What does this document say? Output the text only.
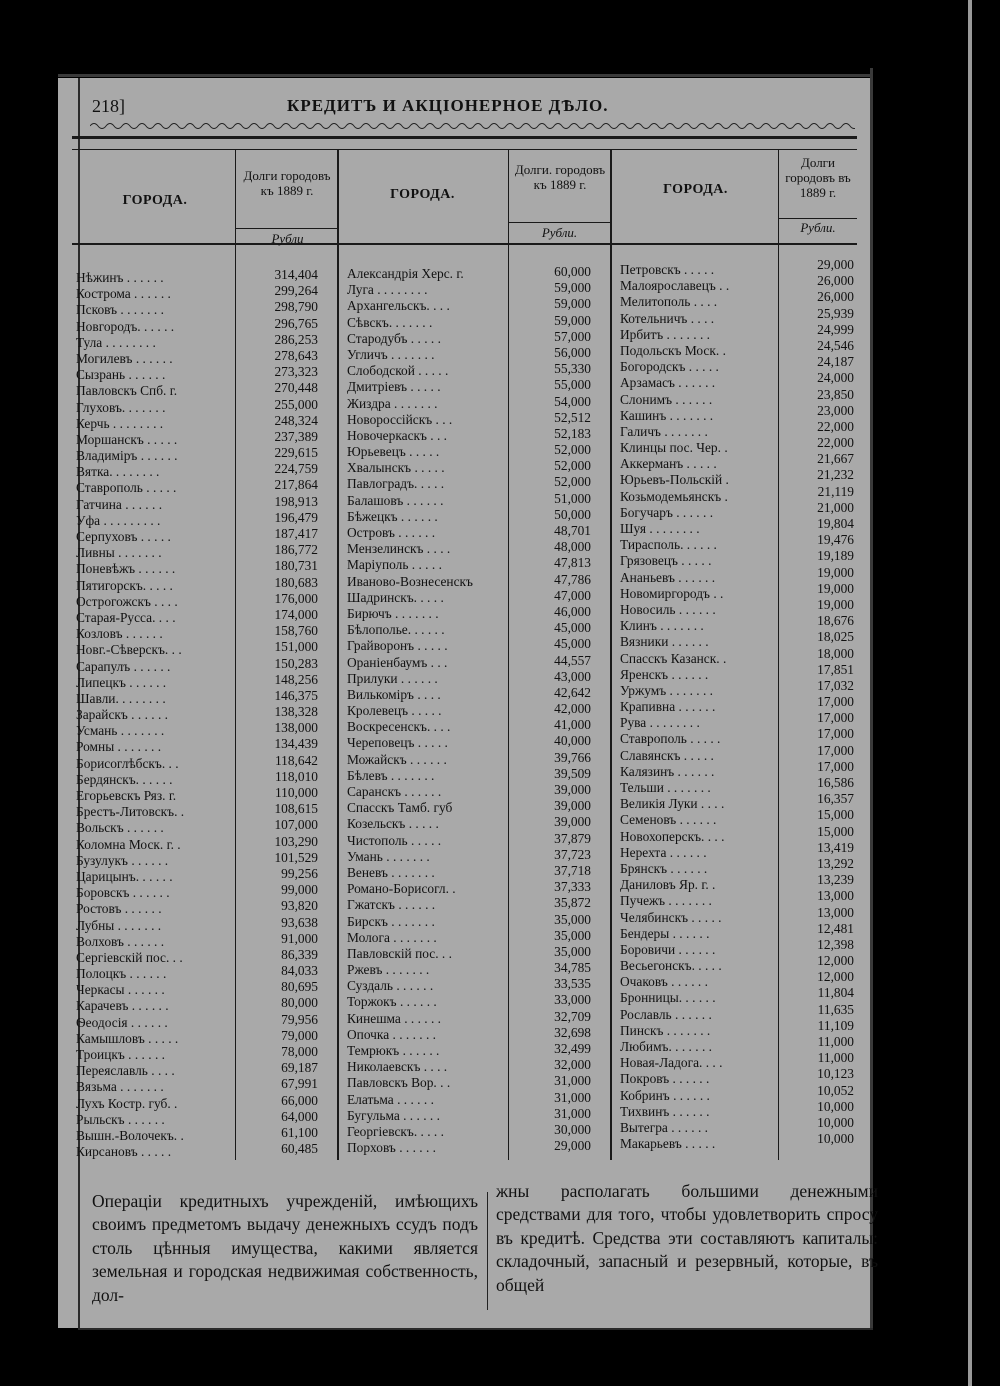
218]	КРЕДИТЪ И АКЦІОНЕРНОЕ ДѢЛО.
ГОРОДА.
Долги городовъ къ 1889 г.
Рубли
ГОРОДА.
Долги. городовъ къ 1889 г.
Рубли.
ГОРОДА.
Долги городовъ въ 1889 г.
Рубли.
Нѣжинъ . . . . . .
Кострома . . . . . .
Псковъ . . . . . . .
Новгородъ. . . . . .
Тула . . . . . . . .
Могилевъ . . . . . .
Сызрань . . . . . .
Павловскъ Спб. г.
Глуховъ. . . . . . .
Керчь . . . . . . . .
Моршанскъ . . . . .
Владиміръ . . . . . .
Вятка. . . . . . . .
Ставрополь . . . . .
Гатчина . . . . . .
Уфа . . . . . . . . .
Серпуховъ . . . . .
Ливны . . . . . . .
Поневѣжъ . . . . . .
Пятигорскъ. . . . .
Острогожскъ . . . .
Старая-Русса. . . .
Козловъ . . . . . .
Новг.-Сѣверскъ. . .
Сарапулъ . . . . . .
Липецкъ . . . . . .
Шавли. . . . . . . .
Зарайскъ . . . . . .
Усмань . . . . . . .
Ромны . . . . . . .
Борисоглѣбскъ. . .
Бердянскъ. . . . . .
Егорьевскъ Ряз. г.
Брестъ-Литовскъ. .
Вольскъ . . . . . .
Коломна Моск. г. .
Бузулукъ . . . . . .
Царицынъ. . . . . .
Боровскъ . . . . . .
Ростовъ . . . . . .
Лубны . . . . . . .
Волховъ . . . . . .
Сергіевскій пос. . .
Полоцкъ . . . . . .
Черкасы . . . . . .
Карачевъ . . . . . .
Ѳеодосія . . . . . .
Камышловъ . . . . .
Троицкъ . . . . . .
Переяславль . . . .
Вязьма . . . . . . .
Лухъ Костр. губ. .
Рыльскъ . . . . . .
Вышн.-Волочекъ. .
Кирсановъ . . . . .
314,404
299,264
298,790
296,765
286,253
278,643
273,323
270,448
255,000
248,324
237,389
229,615
224,759
217,864
198,913
196,479
187,417
186,772
180,731
180,683
176,000
174,000
158,760
151,000
150,283
148,256
146,375
138,328
138,000
134,439
118,642
118,010
110,000
108,615
107,000
103,290
101,529
99,256
99,000
93,820
93,638
91,000
86,339
84,033
80,695
80,000
79,956
79,000
78,000
69,187
67,991
66,000
64,000
61,100
60,485
Александрія Херс. г.
Луга . . . . . . . .
Архангельскъ. . . .
Сѣвскъ. . . . . . .
Стародубъ . . . . .
Угличъ . . . . . . .
Слободской . . . . .
Дмитріевъ . . . . .
Жиздра . . . . . . .
Новороссійскъ . . .
Новочеркаскъ . . .
Юрьевецъ . . . . .
Хвалынскъ . . . . .
Павлоградъ. . . . .
Балашовъ . . . . . .
Бѣжецкъ . . . . . .
Островъ . . . . . .
Мензелинскъ . . . .
Маріуполь . . . . .
Иваново-Вознесенскъ
Шадринскъ. . . . .
Бирючъ . . . . . . .
Бѣлополье. . . . . .
Грайворонъ . . . . .
Ораніенбаумъ . . .
Прилуки . . . . . .
Вилькоміръ . . . .
Кролевецъ . . . . .
Воскресенскъ. . . .
Череповецъ . . . . .
Можайскъ . . . . . .
Бѣлевъ . . . . . . .
Саранскъ . . . . . .
Спасскъ Тамб. губ
Козельскъ . . . . .
Чистополь . . . . .
Умань . . . . . . .
Веневъ . . . . . . .
Романо-Борисогл. .
Гжатскъ . . . . . .
Бирскъ . . . . . . .
Мологa . . . . . . .
Павловскій пос. . .
Ржевъ . . . . . . .
Суздаль . . . . . .
Торжокъ . . . . . .
Кинешма . . . . . .
Опочка . . . . . . .
Темрюкъ . . . . . .
Николаевскъ . . . .
Павловскъ Вор. . .
Елатьма . . . . . .
Бугульма . . . . . .
Георгіевскъ. . . . .
Порховъ . . . . . .
60,000
59,000
59,000
59,000
57,000
56,000
55,330
55,000
54,000
52,512
52,183
52,000
52,000
52,000
51,000
50,000
48,701
48,000
47,813
47,786
47,000
46,000
45,000
45,000
44,557
43,000
42,642
42,000
41,000
40,000
39,766
39,509
39,000
39,000
39,000
37,879
37,723
37,718
37,333
35,872
35,000
35,000
35,000
34,785
33,535
33,000
32,709
32,698
32,499
32,000
31,000
31,000
31,000
30,000
29,000
Петровскъ . . . . .
Малоярославецъ . .
Мелитополь . . . .
Котельничъ . . . .
Ирбитъ . . . . . . .
Подольскъ Моск. .
Богородскъ . . . . .
Арзамасъ . . . . . .
Слонимъ . . . . . .
Кашинъ . . . . . . .
Галичъ . . . . . . .
Клинцы пос. Чер. .
Аккерманъ . . . . .
Юрьевъ-Польскій .
Козьмодемьянскъ .
Богучаръ . . . . . .
Шуя . . . . . . . .
Тирасполь. . . . . .
Грязовецъ . . . . .
Ананьевъ . . . . . .
Новомиргородъ . .
Новосиль . . . . . .
Клинъ . . . . . . .
Вязники . . . . . .
Спасскъ Казанск. .
Яренскъ . . . . . .
Уржумъ . . . . . . .
Крапивна . . . . . .
Рува . . . . . . . .
Ставрополь . . . . .
Славянскъ . . . . .
Калязинъ . . . . . .
Тельши . . . . . . .
Великія Луки . . . .
Семеновъ . . . . . .
Новохоперскъ. . . .
Нерехта . . . . . .
Брянскъ . . . . . .
Даниловъ Яр. г. .
Пучежъ . . . . . . .
Челябинскъ . . . . .
Бендеры . . . . . .
Боровичи . . . . . .
Весьегонскъ. . . . .
Очаковъ . . . . . .
Бронницы. . . . . .
Рославль . . . . . .
Пинскъ . . . . . . .
Любимъ. . . . . . .
Новая-Ладога. . . .
Покровъ . . . . . .
Кобринъ . . . . . .
Тихвинъ . . . . . .
Вытегра . . . . . .
Макарьевъ . . . . .
29,000
26,000
26,000
25,939
24,999
24,546
24,187
24,000
23,850
23,000
22,000
22,000
21,667
21,232
21,119
21,000
19,804
19,476
19,189
19,000
19,000
19,000
18,676
18,025
18,000
17,851
17,032
17,000
17,000
17,000
17,000
17,000
16,586
16,357
15,000
15,000
13,419
13,292
13,239
13,000
13,000
12,481
12,398
12,000
12,000
11,804
11,635
11,109
11,000
11,000
10,123
10,052
10,000
10,000
10,000

Операціи кредитныхъ учрежденій, имѣющихъ своимъ предметомъ выдачу денежныхъ ссудъ подъ столь цѣнныя имущества, какими является земельная и городская недвижимая собственность, дол-

жны располагать большими денежными средствами для того, чтобы удовлетворить спросу въ кредитѣ. Средства эти составляютъ капиталы: складочный, запасный и резервный, которые, въ общей
